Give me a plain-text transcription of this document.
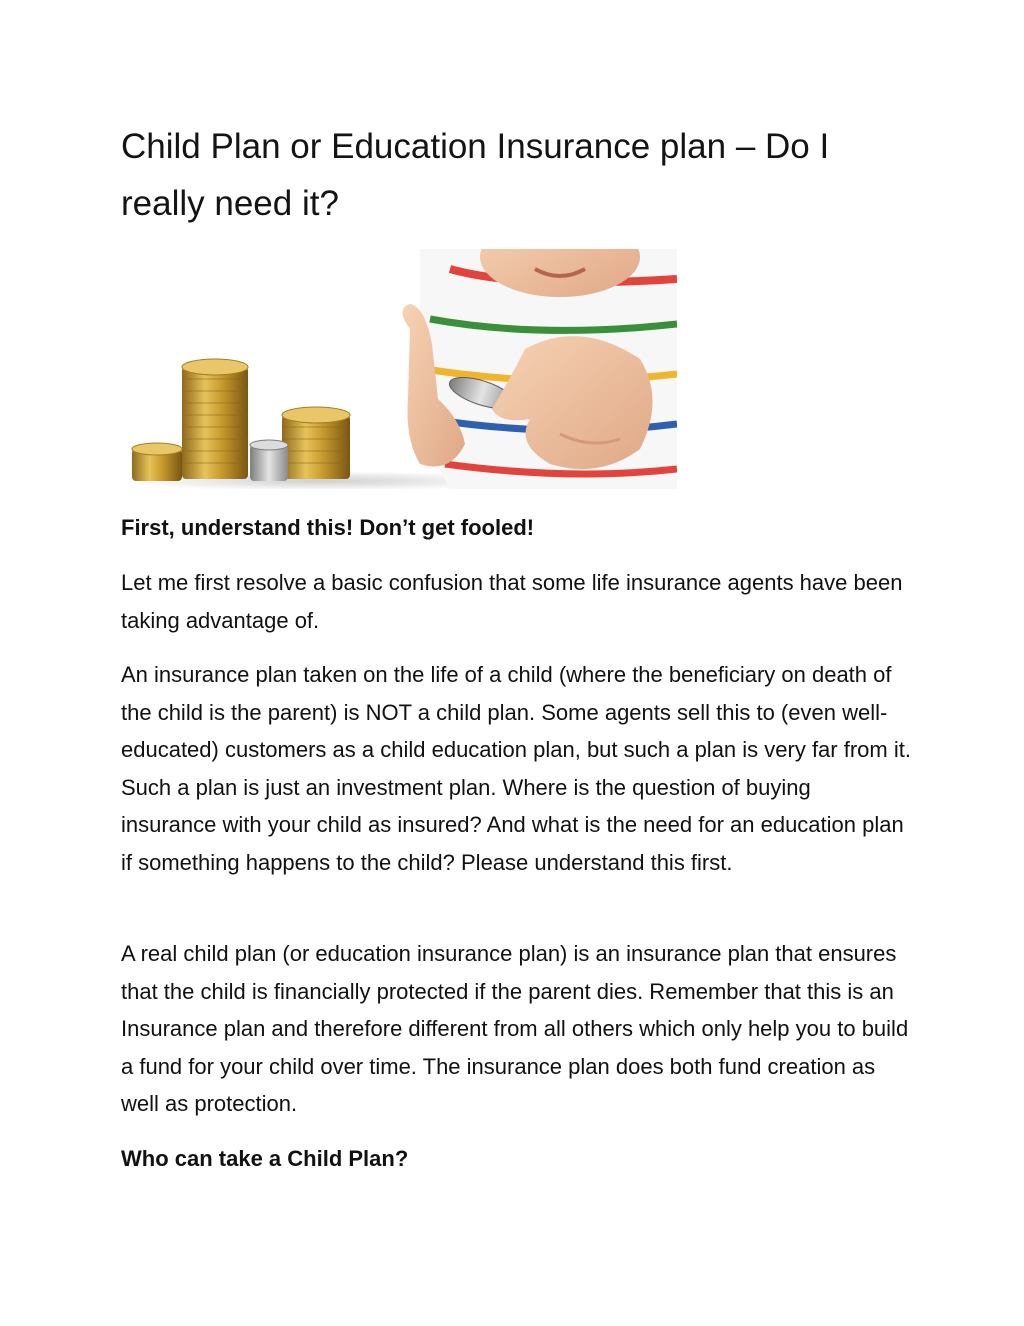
Child Plan or Education Insurance plan – Do I really need it?

First, understand this! Don’t get fooled!

Let me first resolve a basic confusion that some life insurance agents have been taking advantage of.

An insurance plan taken on the life of a child (where the beneficiary on death of the child is the parent) is NOT a child plan. Some agents sell this to (even well-educated) customers as a child education plan, but such a plan is very far from it. Such a plan is just an investment plan. Where is the question of buying insurance with your child as insured? And what is the need for an education plan if something happens to the child? Please understand this first.

A real child plan (or education insurance plan) is an insurance plan that ensures that the child is financially protected if the parent dies. Remember that this is an Insurance plan and therefore different from all others which only help you to build a fund for your child over time. The insurance plan does both fund creation as well as protection.

Who can take a Child Plan?
